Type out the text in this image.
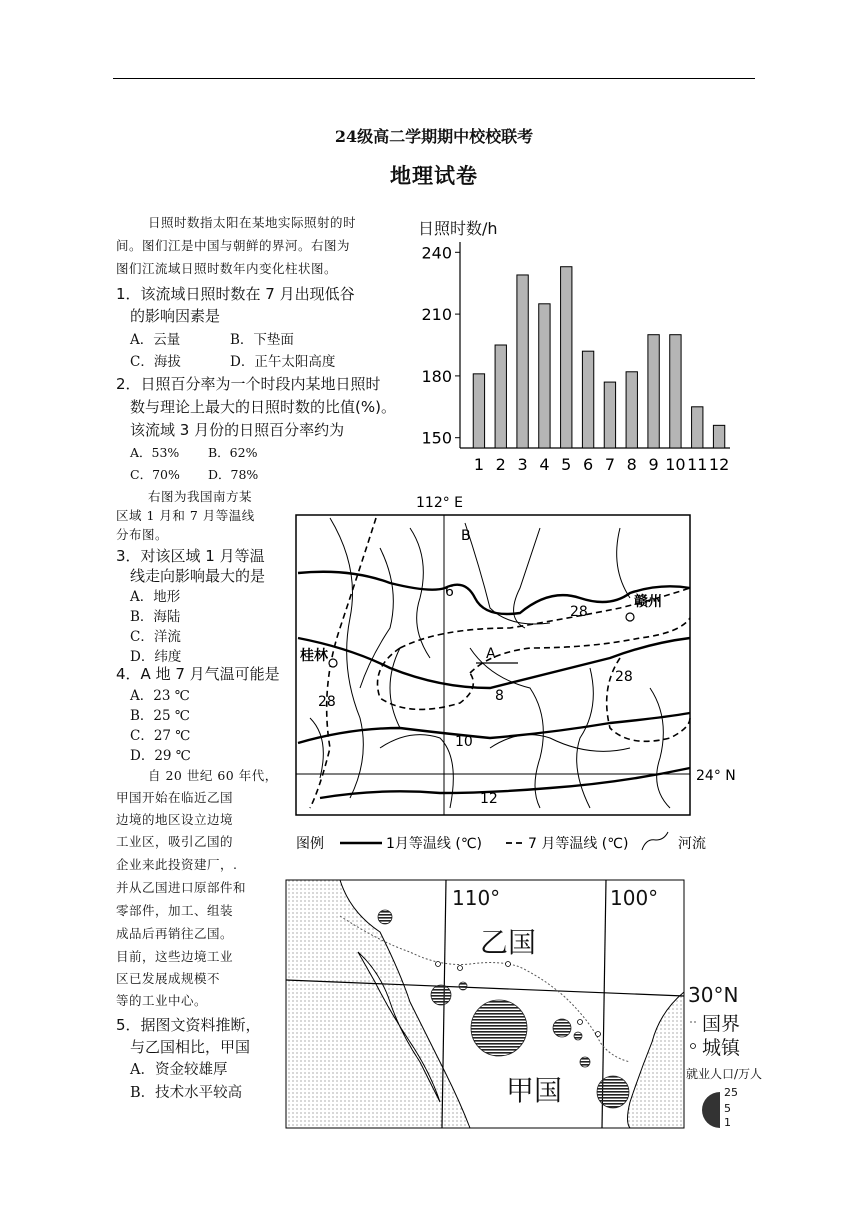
24级高二学期期中校校联考
地理试卷
日照时数指太阳在某地实际照射的时
间。图们江是中国与朝鲜的界河。右图为
图们江流域日照时数年内变化柱状图。
1．该流域日照时数在 7 月出现低谷
的影响因素是
A．云量	B．下垫面
C．海拔	D．正午太阳高度
2．日照百分率为一个时段内某地日照时
数与理论上最大的日照时数的比值(%)。
该流域 3 月份的日照百分率约为
A．53% B．62%
C．70% D．78%
右图为我国南方某
区域 1 月和 7 月等温线
分布图。
3．对该区域 1 月等温
线走向影响最大的是
A．地形
B．海陆
C．洋流
D．纬度
4．A 地 7 月气温可能是
A．23 ℃
B．25 ℃
C．27 ℃
D．29 ℃
自 20 世纪 60 年代，
甲国开始在临近乙国
边境的地区设立边境
工业区，吸引乙国的
企业来此投资建厂，.
并从乙国进口原部件和
零部件，加工、组装
成品后再销往乙国。
目前，这些边境工业
区已发展成规模不
等的工业中心。
5．据图文资料推断，
与乙国相比，甲国
A．资金较雄厚
B．技术水平较高
日照时数/h
150
180
210
240
1 2 3 4 5 6 7 8 9 10 11 12
112° E
24° N
B
A
赣州
桂林
6
8
10
12
28
28
28
图例	1月等温线 (℃)	7 月等温线 (℃)	河流
110°	100°
30°N
乙国
甲国
国界
城镇
就业人口/万人
25
5
1
